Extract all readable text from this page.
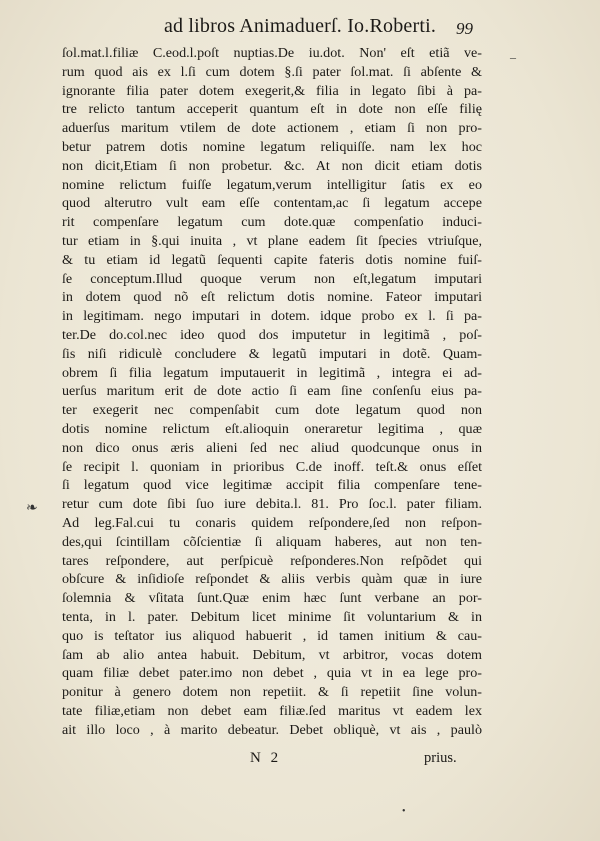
ad libros Animaduerſ. Io.Roberti.	99
ſol.mat.l.filiæ C.eod.l.poſt nuptias.De iu.dot. Non' eſt etiã ve-
rum quod ais ex l.ſi cum dotem §.ſi pater ſol.mat. ſi abſente &
ignorante filia pater dotem exegerit,& filia in legato ſibi à pa-
tre relicto tantum acceperit quantum eſt in dote non eſſe filię
aduerſus maritum vtilem de dote actionem , etiam ſi non pro-
betur patrem dotis nomine legatum reliquiſſe. nam lex hoc
non dicit,Etiam ſi non probetur. &c. At non dicit etiam dotis
nomine relictum fuiſſe legatum,verum intelligitur ſatis ex eo
quod alterutro vult eam eſſe contentam,ac ſi legatum accepe
rit compenſare legatum cum dote.quæ compenſatio induci-
tur etiam in §.qui inuita , vt plane eadem ſit ſpecies vtriuſque,
& tu etiam id legatũ ſequenti capite fateris dotis nomine fuiſ-
ſe conceptum.Illud quoque verum non eſt,legatum imputari
in dotem quod nõ eſt relictum dotis nomine. Fateor imputari
in legitimam. nego imputari in dotem. idque probo ex l. ſi pa-
ter.De do.col.nec ideo quod dos imputetur in legitimã , poſ-
ſis niſi ridiculè concludere & legatũ imputari in dotẽ. Quam-
obrem ſi filia legatum imputauerit in legitimã , integra ei ad-
uerſus maritum erit de dote actio ſi eam ſine conſenſu eius pa-
ter exegerit nec compenſabit cum dote legatum quod non
dotis nomine relictum eſt.alioquin oneraretur legitima , quæ
non dico onus æris alieni ſed nec aliud quodcunque onus in
ſe recipit l. quoniam in prioribus C.de inoff. teſt.& onus eſſet
ſi legatum quod vice legitimæ accipit filia compenſare tene-
retur cum dote ſibi ſuo iure debita.l. 81. Pro ſoc.l. pater filiam.
Ad leg.Fal.cui tu conaris quidem reſpondere,ſed non reſpon-
des,qui ſcintillam cõſcientiæ ſi aliquam haberes, aut non ten-
tares reſpondere, aut perſpicuè reſponderes.Non reſpõdet qui
obſcure & inſidioſe reſpondet & aliis verbis quàm quæ in iure
ſolemnia & vſitata ſunt.Quæ enim hæc ſunt verbane an por-
tenta, in l. pater. Debitum licet minime ſit voluntarium & in
quo is teſtator ius aliquod habuerit , id tamen initium & cau-
ſam ab alio antea habuit. Debitum, vt arbitror, vocas dotem
quam filiæ debet pater.imo non debet , quia vt in ea lege pro-
ponitur à genero dotem non repetiit. & ſi repetiit ſine volun-
tate filiæ,etiam non debet eam filiæ.ſed maritus vt eadem lex
ait illo loco , à marito debeatur. Debet obliquè, vt ais , paulò
N 2	prius.
–
❧
•
